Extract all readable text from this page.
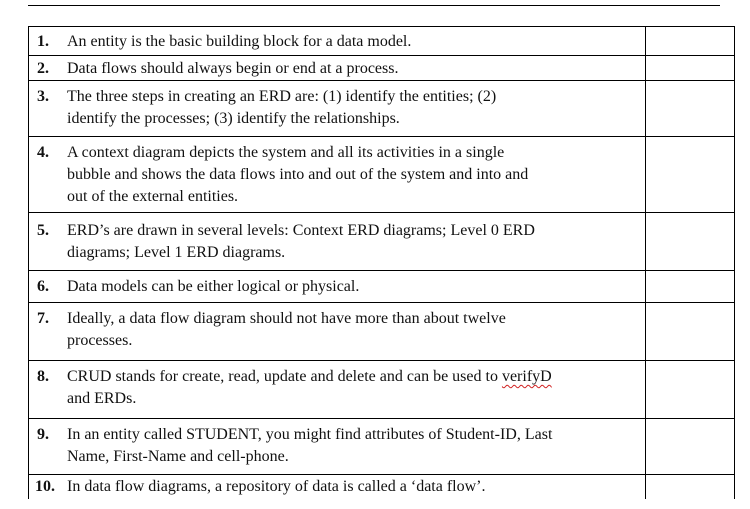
1. An entity is the basic building block for a data model.	

2. Data flows should always begin or end at a process.	

3. The three steps in creating an ERD are: (1) identify the entities; (2)
identify the processes; (3) identify the relationships.	

4. A context diagram depicts the system and all its activities in a single
bubble and shows the data flows into and out of the system and into and
out of the external entities.	

5. ERD’s are drawn in several levels: Context ERD diagrams; Level 0 ERD
diagrams; Level 1 ERD diagrams.	

6. Data models can be either logical or physical.	

7. Ideally, a data flow diagram should not have more than about twelve
processes.	

8. CRUD stands for create, read, update and delete and can be used to verifyD
and ERDs.	

9. In an entity called STUDENT, you might find attributes of Student-ID, Last
Name, First-Name and cell-phone.	

10. In data flow diagrams, a repository of data is called a ‘data flow’.	
